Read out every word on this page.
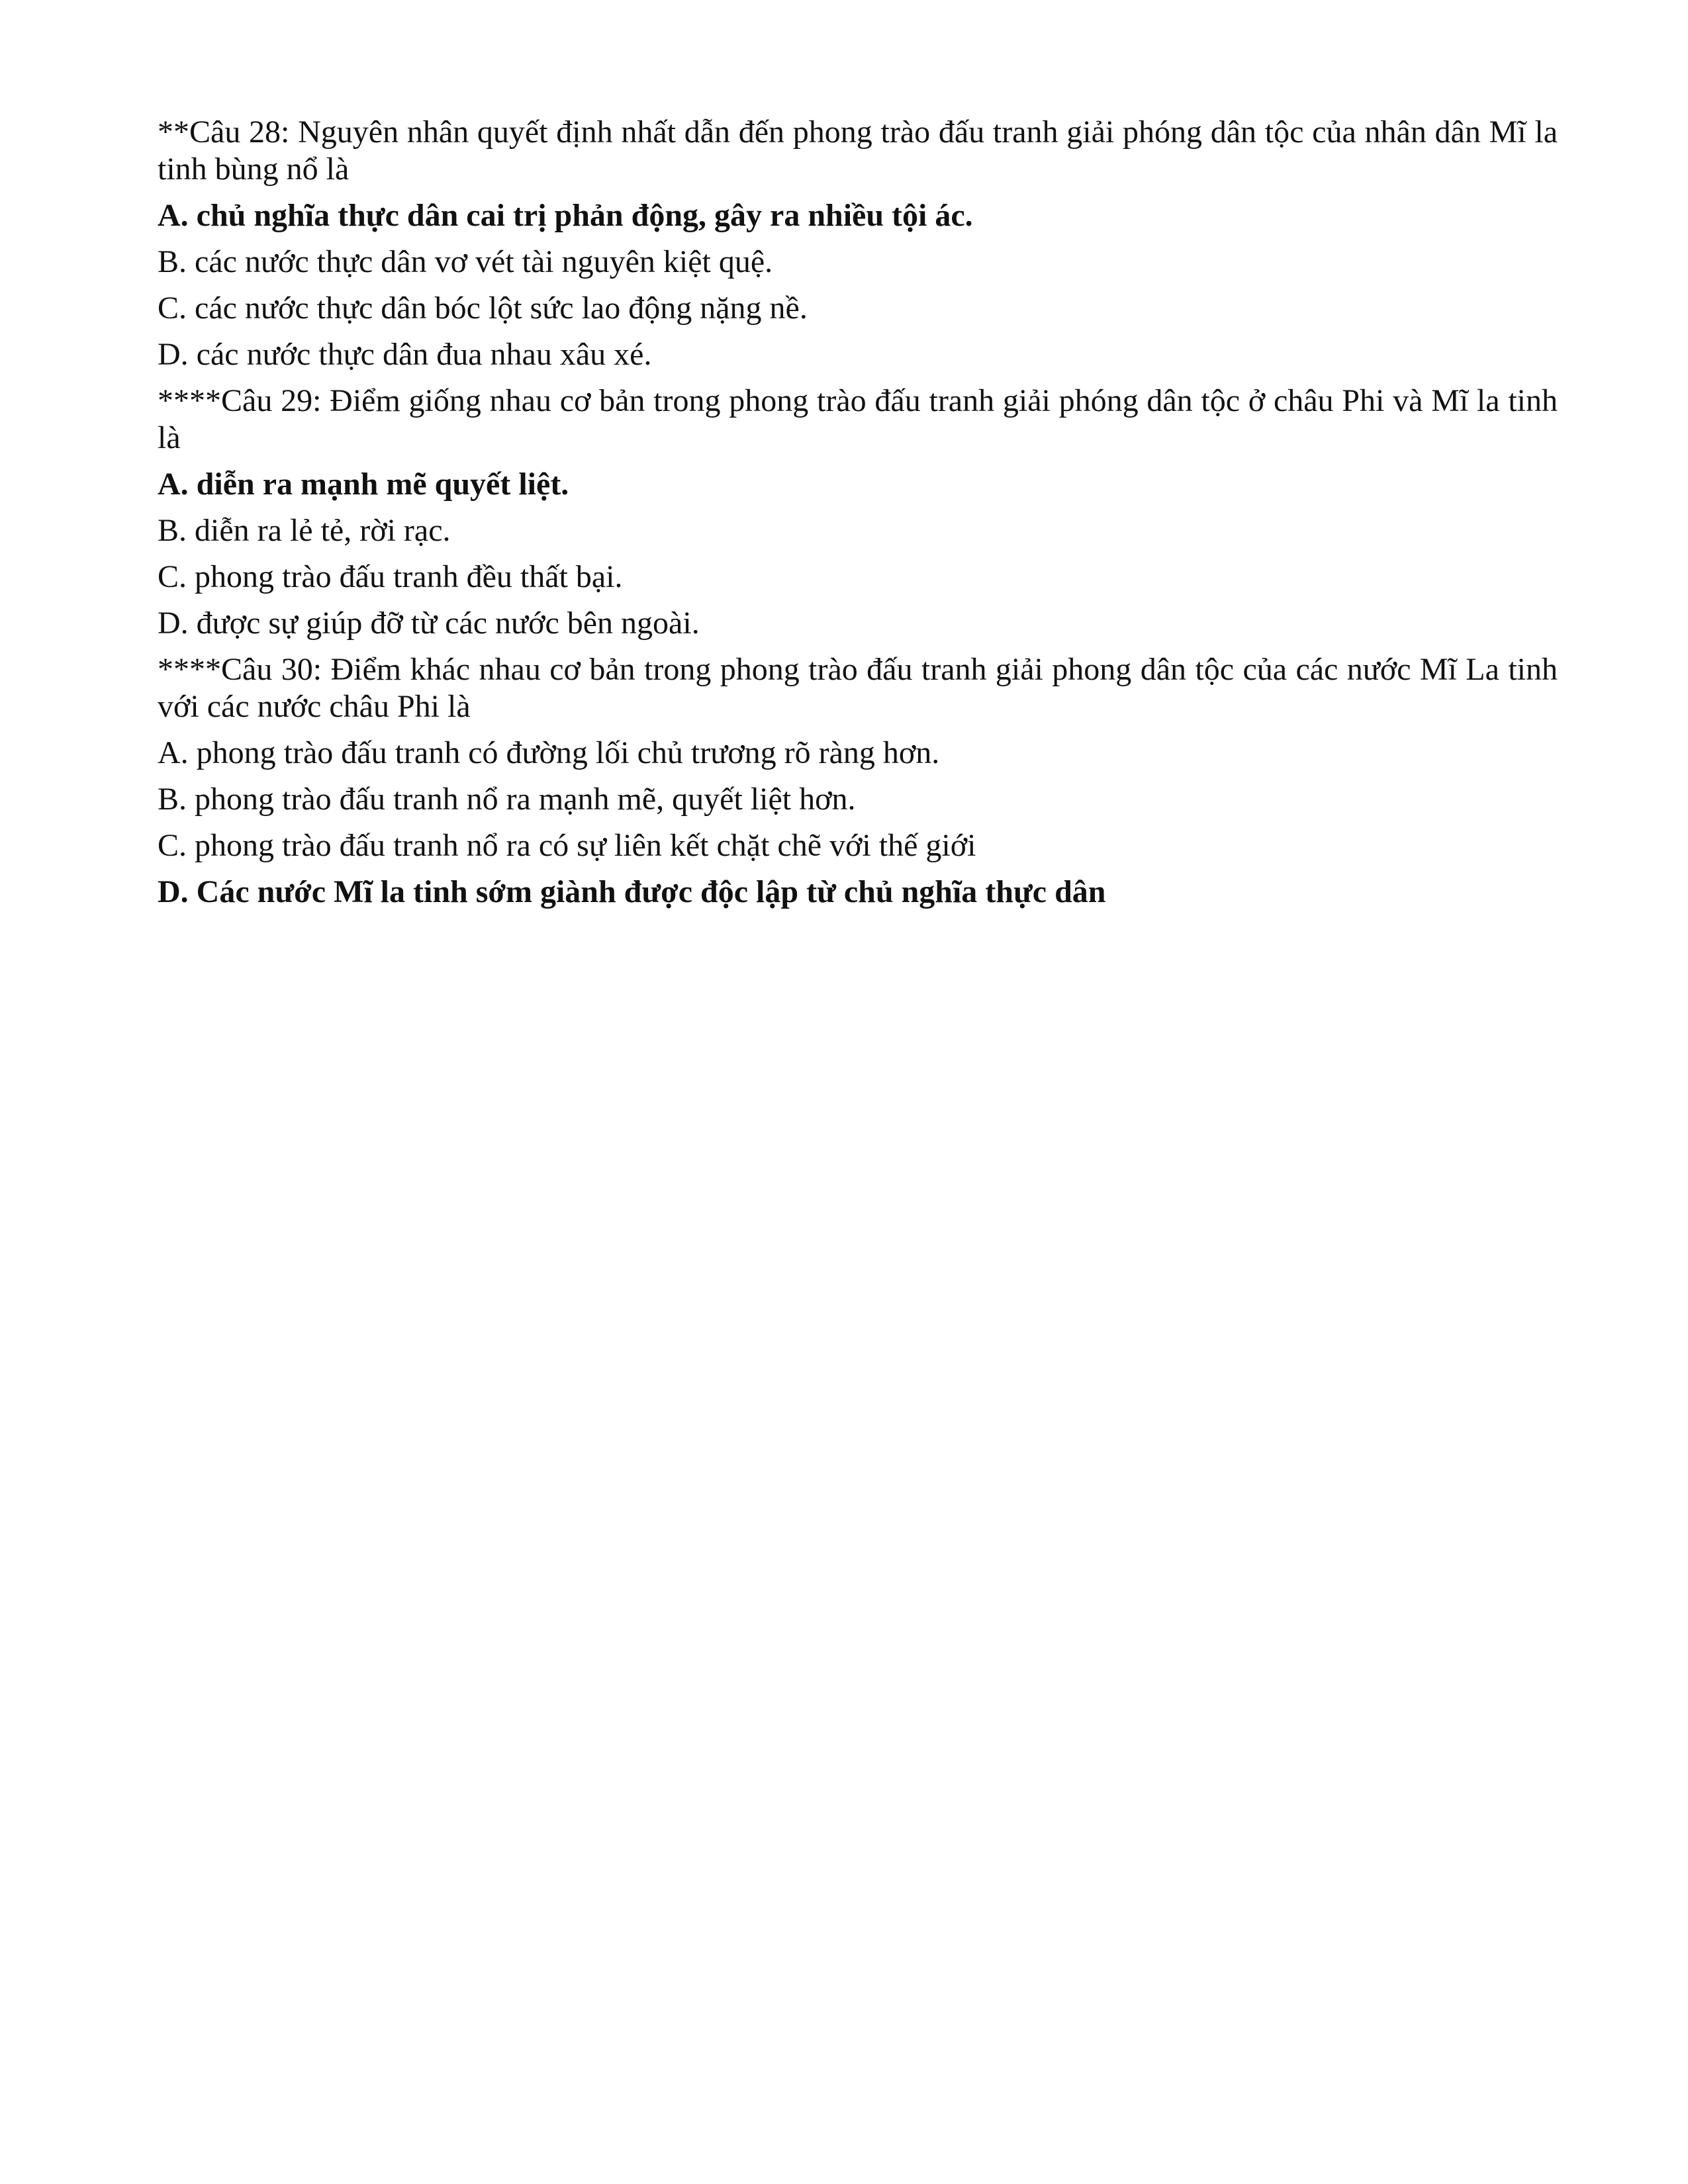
**Câu 28: Nguyên nhân quyết định nhất dẫn đến phong trào đấu tranh giải phóng dân tộc của nhân dân Mĩ la tinh bùng nổ là
A. chủ nghĩa thực dân cai trị phản động, gây ra nhiều tội ác.
B. các nước thực dân vơ vét tài nguyên kiệt quệ.
C. các nước thực dân bóc lột sức lao động nặng nề.
D. các nước thực dân đua nhau xâu xé.
****Câu 29: Điểm giống nhau cơ bản trong phong trào đấu tranh giải phóng dân tộc ở châu Phi và Mĩ la tinh là
A. diễn ra mạnh mẽ quyết liệt.
B. diễn ra lẻ tẻ, rời rạc.
C. phong trào đấu tranh đều thất bại.
D. được sự giúp đỡ từ các nước bên ngoài.
****Câu 30: Điểm khác nhau cơ bản trong phong trào đấu tranh giải phong dân tộc của các nước Mĩ La tinh với các nước châu Phi là
A. phong trào đấu tranh có đường lối chủ trương rõ ràng hơn.
B. phong trào đấu tranh nổ ra mạnh mẽ, quyết liệt hơn.
C. phong trào đấu tranh nổ ra có sự liên kết chặt chẽ với thế giới
D. Các nước Mĩ la tinh sớm giành được độc lập từ chủ nghĩa thực dân
